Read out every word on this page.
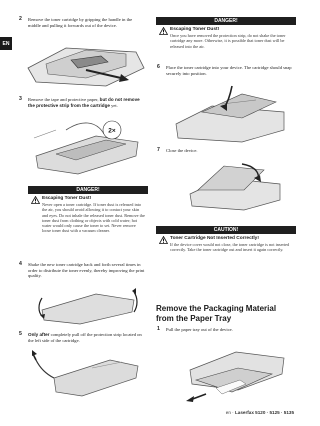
EN
2 Remove the toner cartridge by gripping the handle in the middle and pulling it forwards out of the device.
3 Remove the tape and protective paper, but do not remove the protective strip from the cartridge yet.
2×
DANGER!
Escaping Toner Dust!
Never open a toner cartridge. If toner dust is released into the air, you should avoid allowing it to contact your skin and eyes. Do not inhale the released toner dust. Remove the toner dust from clothing or objects with cold water; hot water would only cause the toner to set. Never remove loose toner dust with a vacuum cleaner.
4 Shake the new toner cartridge back and forth several times in order to distribute the toner evenly, thereby improving the print quality.
5 Only after completely pull off the protection strip located on the left side of the cartridge.
DANGER!
Escaping Toner Dust!
Once you have removed the protection strip, do not shake the toner cartridge any more. Otherwise, it is possible that toner dust will be released into the air.
6 Place the toner cartridge into your device. The cartridge should snap securely into position.
7 Close the device.
CAUTION!
Toner Cartridge Not Inserted Correctly!
If the device cover would not close, the toner cartridge is not inserted correctly. Take the toner cartridge out and insert it again correctly.
Remove the Packaging Material from the Paper Tray
1 Pull the paper tray out of the device.
en · Laserfax 5120 · 5125 · 5135
